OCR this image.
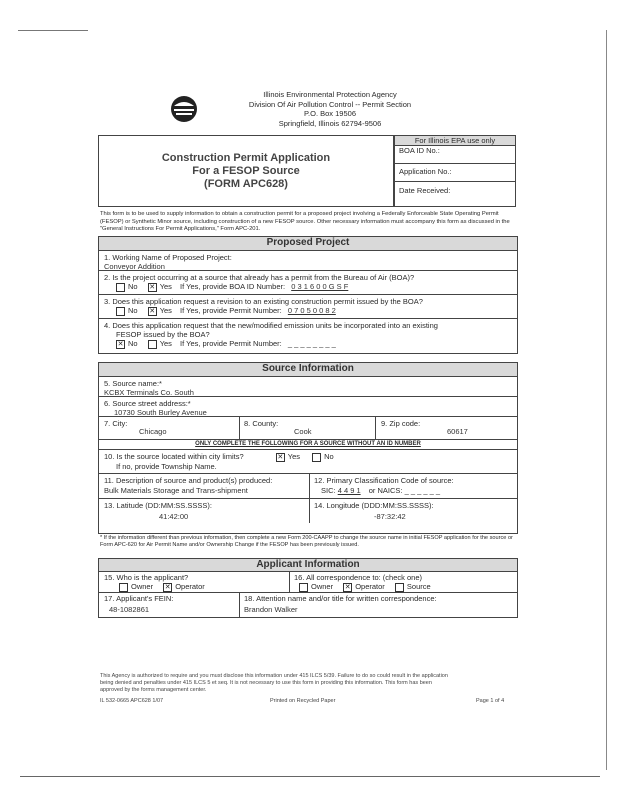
Illinois Environmental Protection Agency
Division Of Air Pollution Control -- Permit Section
P.O. Box 19506
Springfield, Illinois 62794-9506
Construction Permit Application
For a FESOP Source
(FORM APC628)
For Illinois EPA use only
BOA ID No.:
Application No.:
Date Received:
This form is to be used to supply information to obtain a construction permit for a proposed project involving a Federally Enforceable State Operating Permit (FESOP) or Synthetic Minor source, including construction of a new FESOP source. Other necessary information must accompany this form as discussed in the "General Instructions For Permit Applications," Form APC-201.
Proposed Project
1. Working Name of Proposed Project:
Conveyor Addition
2. Is the project occurring at a source that already has a permit from the Bureau of Air (BOA)?
No ✕ Yes If Yes, provide BOA ID Number: 0 3 1 6 0 0 G S F
3. Does this application request a revision to an existing construction permit issued by the BOA?
No ✕ Yes If Yes, provide Permit Number: 0 7 0 5 0 0 8 2
4. Does this application request that the new/modified emission units be incorporated into an existing
FESOP issued by the BOA?
✕ No	Yes If Yes, provide Permit Number: _ _ _ _ _ _ _ _
Source Information
5. Source name:*
KCBX Terminals Co. South
6. Source street address:*
10730 South Burley Avenue
7. City:
Chicago
8. County:
Cook
9. Zip code:
60617
ONLY COMPLETE THE FOLLOWING FOR A SOURCE WITHOUT AN ID NUMBER
10. Is the source located within city limits?	✕ Yes	No
If no, provide Township Name.
11. Description of source and product(s) produced:
Bulk Materials Storage and Trans-shipment
12. Primary Classification Code of source:
SIC: 4 4 9 1 or NAICS: _ _ _ _ _ _
13. Latitude (DD:MM:SS.SSSS):
41:42:00
14. Longitude (DDD:MM:SS.SSSS):
-87:32:42
* If the information different than previous information, then complete a new Form 200-CAAPP to change the source name in initial FESOP application for the source or Form APC-620 for Air Permit Name and/or Ownership Change if the FESOP has been previously issued.
Applicant Information
15. Who is the applicant?
Owner ✕ Operator
16. All correspondence to: (check one)
Owner ✕ Operator	Source
17. Applicant's FEIN:
48-1082861
18. Attention name and/or title for written correspondence:
Brandon Walker
This Agency is authorized to require and you must disclose this information under 415 ILCS 5/39. Failure to do so could result in the application
being denied and penalties under 415 ILCS 5 et seq. It is not necessary to use this form in providing this information. This form has been
approved by the forms management center.
IL 532-0665 APC628 1/07	Printed on Recycled Paper	Page 1 of 4
